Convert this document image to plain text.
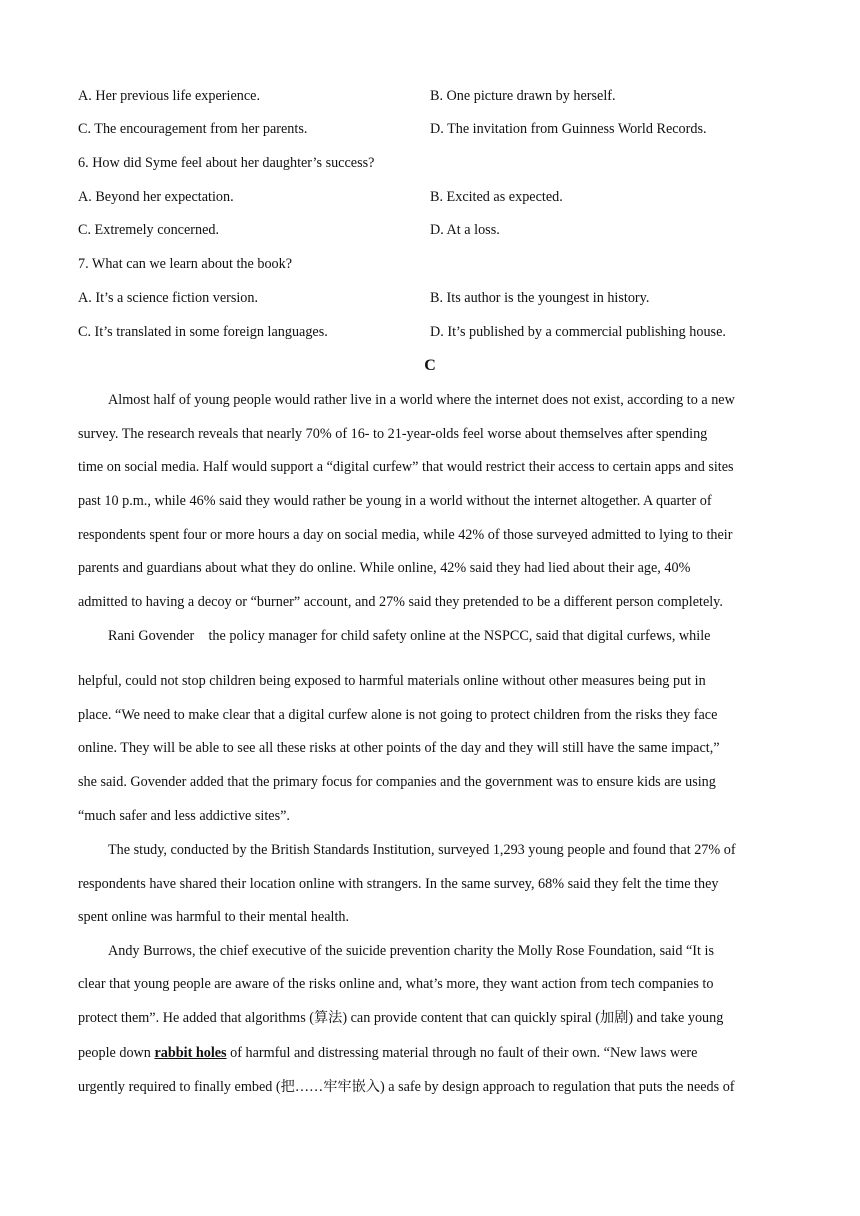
A. Her previous life experience.	B. One picture drawn by herself.
C. The encouragement from her parents.	D. The invitation from Guinness World Records.
6. How did Syme feel about her daughter’s success?
A. Beyond her expectation.	B. Excited as expected.
C. Extremely concerned.	D. At a loss.
7. What can we learn about the book?
A. It’s a science fiction version.	B. Its author is the youngest in history.
C. It’s translated in some foreign languages.	D. It’s published by a commercial publishing house.
C
Almost half of young people would rather live in a world where the internet does not exist, according to a new
survey. The research reveals that nearly 70% of 16- to 21-year-olds feel worse about themselves after spending
time on social media. Half would support a “digital curfew” that would restrict their access to certain apps and sites
past 10 p.m., while 46% said they would rather be young in a world without the internet altogether. A quarter of
respondents spent four or more hours a day on social media, while 42% of those surveyed admitted to lying to their
parents and guardians about what they do online. While online, 42% said they had lied about their age, 40%
admitted to having a decoy or “burner” account, and 27% said they pretended to be a different person completely.
Rani Govender　the policy manager for child safety online at the NSPCC, said that digital curfews, while
helpful, could not stop children being exposed to harmful materials online without other measures being put in
place. “We need to make clear that a digital curfew alone is not going to protect children from the risks they face
online. They will be able to see all these risks at other points of the day and they will still have the same impact,”
she said. Govender added that the primary focus for companies and the government was to ensure kids are using
“much safer and less addictive sites”.
The study, conducted by the British Standards Institution, surveyed 1,293 young people and found that 27% of
respondents have shared their location online with strangers. In the same survey, 68% said they felt the time they
spent online was harmful to their mental health.
Andy Burrows, the chief executive of the suicide prevention charity the Molly Rose Foundation, said “It is
clear that young people are aware of the risks online and, what’s more, they want action from tech companies to
protect them”. He added that algorithms (算法) can provide content that can quickly spiral (加剧) and take young
people down rabbit holes of harmful and distressing material through no fault of their own. “New laws were
urgently required to finally embed (把……牢牢嵌入) a safe by design approach to regulation that puts the needs of
